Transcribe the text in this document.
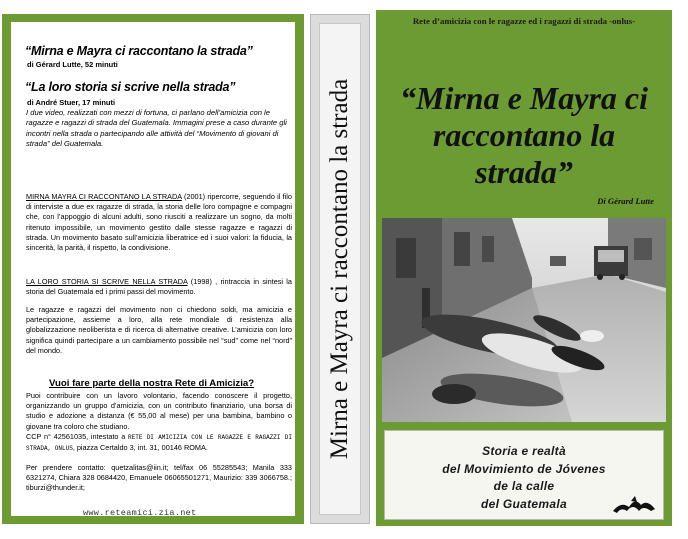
“Mirna e Mayra ci raccontano la strada”
di Gérard Lutte, 52 minuti
“La loro storia si scrive nella strada”
di André Stuer, 17 minuti
I due video, realizzati con mezzi di fortuna, ci parlano dell’amicizia con le ragazze e ragazzi di strada del Guatemala. Immagini prese a caso durante gli incontri nella strada o partecipando alle attività del “Movimento di giovani di strada” del Guatemala.
MIRNA MAYRA CI RACCONTANO LA STRADA (2001) ripercorre, seguendo il filo di interviste a due ex ragazze di strada, la storia delle loro compagne e compagni che, con l’appoggio di alcuni adulti, sono riusciti a realizzare un sogno, da molti ritenuto impossibile, un movimento gestito dalle stesse ragazze e ragazzi di strada. Un movimento basato sull’amicizia liberatrice ed i suoi valori: la fiducia, la sincerità, la parità, il rispetto, la condivisione.
LA LORO STORIA SI SCRIVE NELLA STRADA (1998) , rintraccia in sintesi la storia del Guatemala ed i primi passi del movimento.
Le ragazze e ragazzi del movimento non ci chiedono soldi, ma amicizia e partecipazione, assieme a loro, alla rete mondiale di resistenza alla globalizzazione neoliberista e di ricerca di alternative creative. L’amicizia con loro significa quindi partecipare a un cambiamento possibile nel “sud” come nel “nord” del mondo.
Vuoi fare parte della nostra Rete di Amicizia?
Puoi contribuire con un lavoro volontario, facendo conoscere il progetto, organizzando un gruppo d’amicizia, con un contributo finanziario, una borsa di studio e adozione a distanza (€ 55,00 al mese) per una bambina, bambino o giovane tra coloro che studiano.
CCP n° 42561035, intestato a RETE DI AMICIZIA CON LE RAGAZZE E RAGAZZI DI STRADA, ONLUS, piazza Certaldo 3, int. 31, 00146 ROMA.
Per prendere contatto: quetzalitas@iin.it; tel/fax 06 55285543; Manila 333 6321274, Chiara 328 0684420, Emanuele 06065501271, Maurizio: 339 3066758.; tiburzi@thunder.it;
www.reteamici.zia.net
Mirna e Mayra ci raccontano la strada
Rete d’amicizia con le ragazze ed i ragazzi di strada -onlus-
“Mirna e Mayra ci raccontano la strada”
Di Gérard Lutte
Storia e realtà
del Movimiento de Jóvenes
de la calle
del Guatemala
